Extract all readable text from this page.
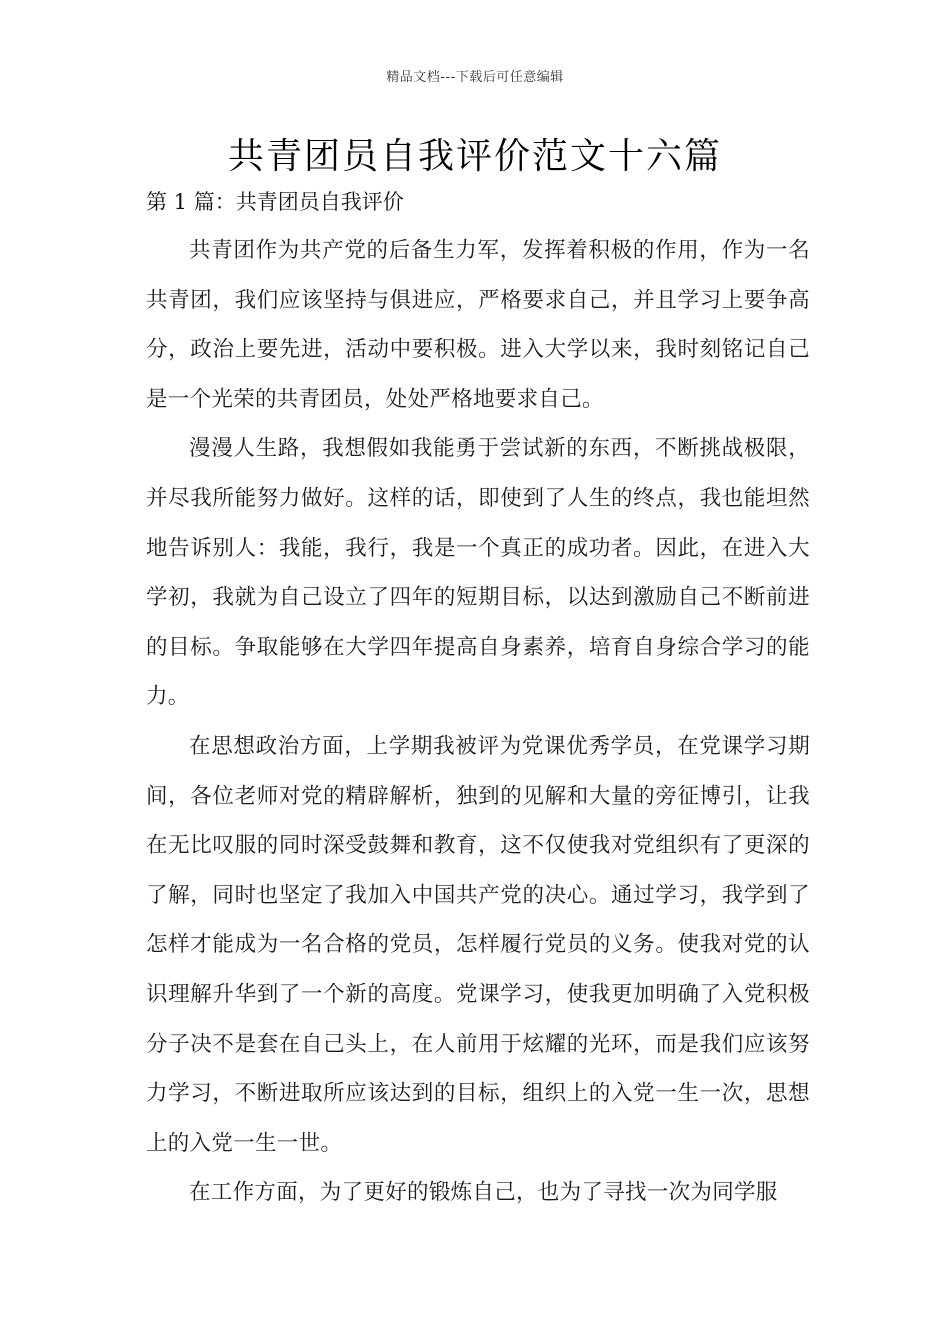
精品文档---下载后可任意编辑
共青团员自我评价范文十六篇
第 1 篇：共青团员自我评价

共青团作为共产党的后备生力军，发挥着积极的作用，作为一名共青团，我们应该坚持与俱进应，严格要求自己，并且学习上要争高分，政治上要先进，活动中要积极。进入大学以来，我时刻铭记自己是一个光荣的共青团员，处处严格地要求自己。

漫漫人生路，我想假如我能勇于尝试新的东西，不断挑战极限，并尽我所能努力做好。这样的话，即使到了人生的终点，我也能坦然地告诉别人：我能，我行，我是一个真正的成功者。因此，在进入大学初，我就为自己设立了四年的短期目标，以达到激励自己不断前进的目标。争取能够在大学四年提高自身素养，培育自身综合学习的能力。

在思想政治方面，上学期我被评为党课优秀学员，在党课学习期间，各位老师对党的精辟解析，独到的见解和大量的旁征博引，让我在无比叹服的同时深受鼓舞和教育，这不仅使我对党组织有了更深的了解，同时也坚定了我加入中国共产党的决心。通过学习，我学到了怎样才能成为一名合格的党员，怎样履行党员的义务。使我对党的认识理解升华到了一个新的高度。党课学习，使我更加明确了入党积极分子决不是套在自己头上，在人前用于炫耀的光环，而是我们应该努力学习，不断进取所应该达到的目标，组织上的入党一生一次，思想上的入党一生一世。

在工作方面，为了更好的锻炼自己，也为了寻找一次为同学服
